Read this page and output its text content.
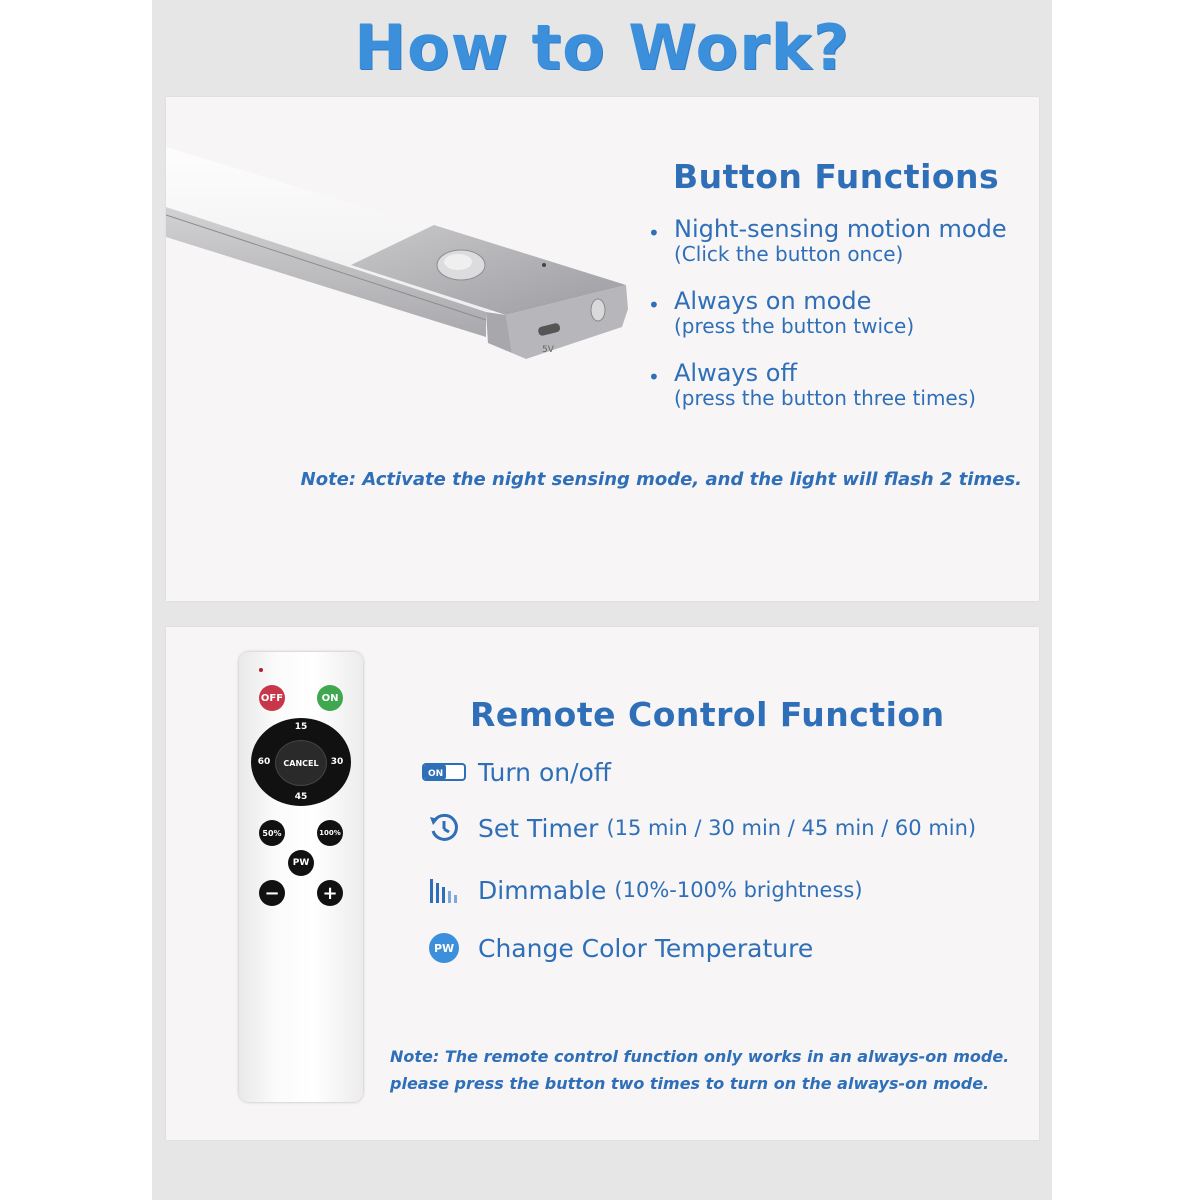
How to Work?
5V
Button Functions
• Night-sensing motion mode
(Click the button once)
• Always on mode
(press the button twice)
• Always off
(press the button three times)
Note: Activate the night sensing mode, and the light will flash 2 times.
OFF	ON
CANCEL
15
30
45
60
50%	100%
PW
−	+
Remote Control Function
ON Turn on/off
Set Timer (15 min / 30 min / 45 min / 60 min)
Dimmable (10%-100% brightness)
PW Change Color Temperature
Note: The remote control function only works in an always-on mode.
please press the button two times to turn on the always-on mode.
